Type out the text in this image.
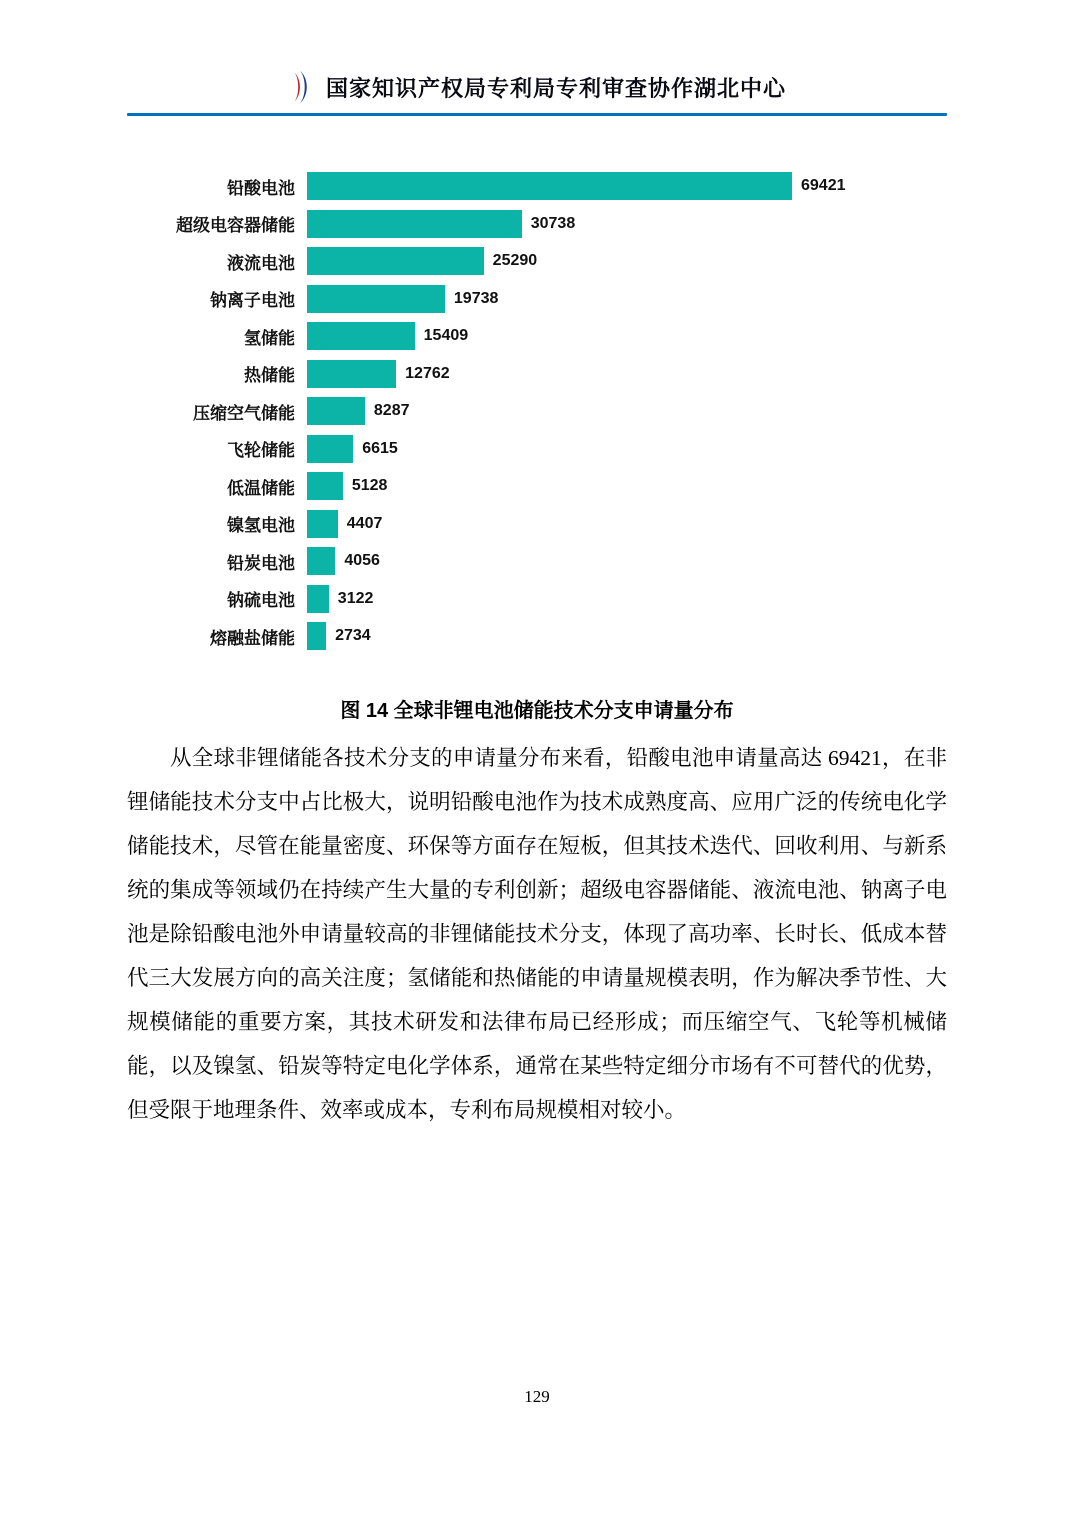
国家知识产权局专利局专利审查协作湖北中心
铅酸电池	69421
超级电容器储能	30738
液流电池	25290
钠离子电池	19738
氢储能	15409
热储能	12762
压缩空气储能	8287
飞轮储能	6615
低温储能	5128
镍氢电池	4407
铅炭电池	4056
钠硫电池	3122
熔融盐储能	2734
图 14 全球非锂电池储能技术分支申请量分布
从全球非锂储能各技术分支的申请量分布来看，铅酸电池申请量高达 69421，在非锂储能技术分支中占比极大，说明铅酸电池作为技术成熟度高、应用广泛的传统电化学储能技术，尽管在能量密度、环保等方面存在短板，但其技术迭代、回收利用、与新系统的集成等领域仍在持续产生大量的专利创新；超级电容器储能、液流电池、钠离子电池是除铅酸电池外申请量较高的非锂储能技术分支，体现了高功率、长时长、低成本替代三大发展方向的高关注度；氢储能和热储能的申请量规模表明，作为解决季节性、大规模储能的重要方案，其技术研发和法律布局已经形成；而压缩空气、飞轮等机械储能，以及镍氢、铅炭等特定电化学体系，通常在某些特定细分市场有不可替代的优势，但受限于地理条件、效率或成本，专利布局规模相对较小。
129
